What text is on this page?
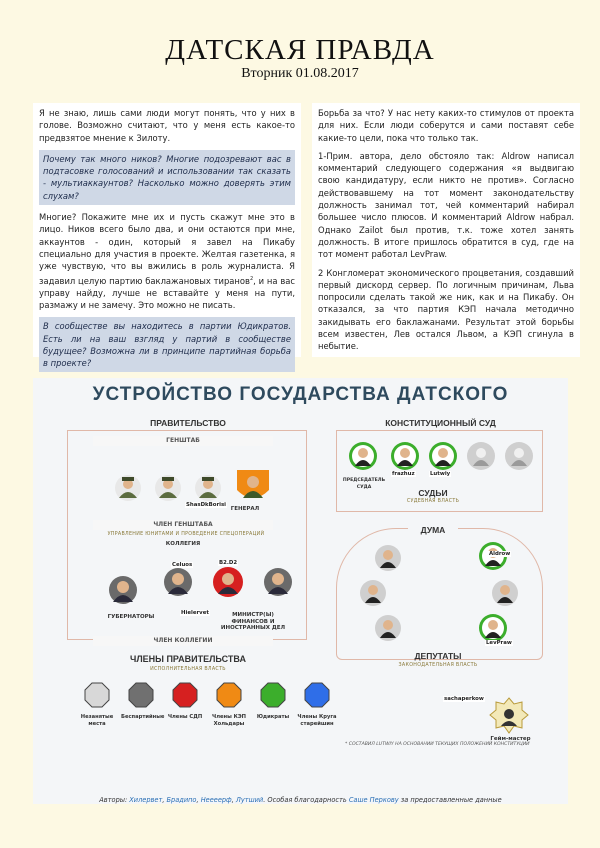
ДАТСКАЯ ПРАВДА
Вторник 01.08.2017

Я не знаю, лишь сами люди могут понять, что у них в голове. Возможно считают, что у меня есть какое-то предвзятое мнение к Зилоту.

Почему так много ников? Многие подозревают вас в подтасовке голосований и использовании так сказать - мультиаккаунтов? Насколько можно доверять этим слухам?

Многие? Покажите мне их и пусть скажут мне это в лицо. Ников всего было два, и они остаются при мне, аккаунтов - один, который я завел на Пикабу специально для участия в проекте. Желтая газетенка, я уже чувствую, что вы вжились в роль журналиста. Я задавил целую партию баклажановых тиранов$^2$, и на вас управу найду, лучше не вставайте у меня на пути, размажу и не замечу. Это можно не писать.

В сообществе вы находитесь в партии Юдикратов. Есть ли на ваш взгляд у партий в сообществе будущее? Возможна ли в принципе партийная борьба в проекте?

Борьба за что? У нас нету каких-то стимулов от проекта для них. Если люди соберутся и сами поставят себе какие-то цели, пока что только так.

1-Прим. автора, дело обстояло так: Aldrow написал комментарий следующего содержания «я выдвигаю свою кандидатуру, если никто не против». Согласно действовавшему на тот момент законодательству должность занимал тот, чей комментарий набирал большее число плюсов. И комментарий Aldrow набрал. Однако Zailot был против, т.к. тоже хотел занять должность. В итоге пришлось обратится в суд, где на тот момент работал LevPraw.

2 Конгломерат экономического процветания, создавший первый дискорд сервер. По логичным причинам, Льва попросили сделать такой же ник, как и на Пикабу. Он отказался, за что партия КЭП начала методично закидывать его баклажанами. Результат этой борьбы всем известен, Лев остался Львом, а КЭП сгинула в небытие.

УСТРОЙСТВО ГОСУДАРСТВА ДАТСКОГО
ПРАВИТЕЛЬСТВО
ГЕНШТАБ
ShasDkBorisi
ГЕНЕРАЛ
ЧЛЕН ГЕНШТАБА
УПРАВЛЕНИЕ ЮНИТАМИ И ПРОВЕДЕНИЕ СПЕЦОПЕРАЦИЙ
КОЛЛЕГИЯ
Celuos	B2.D2
Hielervet
ГУБЕРНАТОРЫ	МИНИСТР(Ы) ФИНАНСОВ И ИНОСТРАННЫХ ДЕЛ
ЧЛЕН КОЛЛЕГИИ
КОНСТИТУЦИОННЫЙ СУД
ПРЕДСЕДАТЕЛЬ СУДА
frazhuz	Lutwiy
СУДЬИ
СУДЕБНАЯ ВЛАСТЬ
ДУМА
Aldrow
LevPraw
ДЕПУТАТЫ
ЗАКОНОДАТЕЛЬНАЯ ВЛАСТЬ
ЧЛЕНЫ ПРАВИТЕЛЬСТВА
ИСПОЛНИТЕЛЬНАЯ ВЛАСТЬ
Незанятые места
Беспартийные Члены СДП	Члены КЭП Хольдары
Юдикраты	Члены Круга старейшин
sachaperkow
Гейм-мастер
* СОСТАВИЛ LUTWIY НА ОСНОВАНИИ ТЕКУЩИХ ПОЛОЖЕНИЙ КОНСТИТУЦИИ
Авторы: Хилервет, Брадипо, Неееерф, Лутший. Особая благодарность Саше Перкову за предоставленные данные
